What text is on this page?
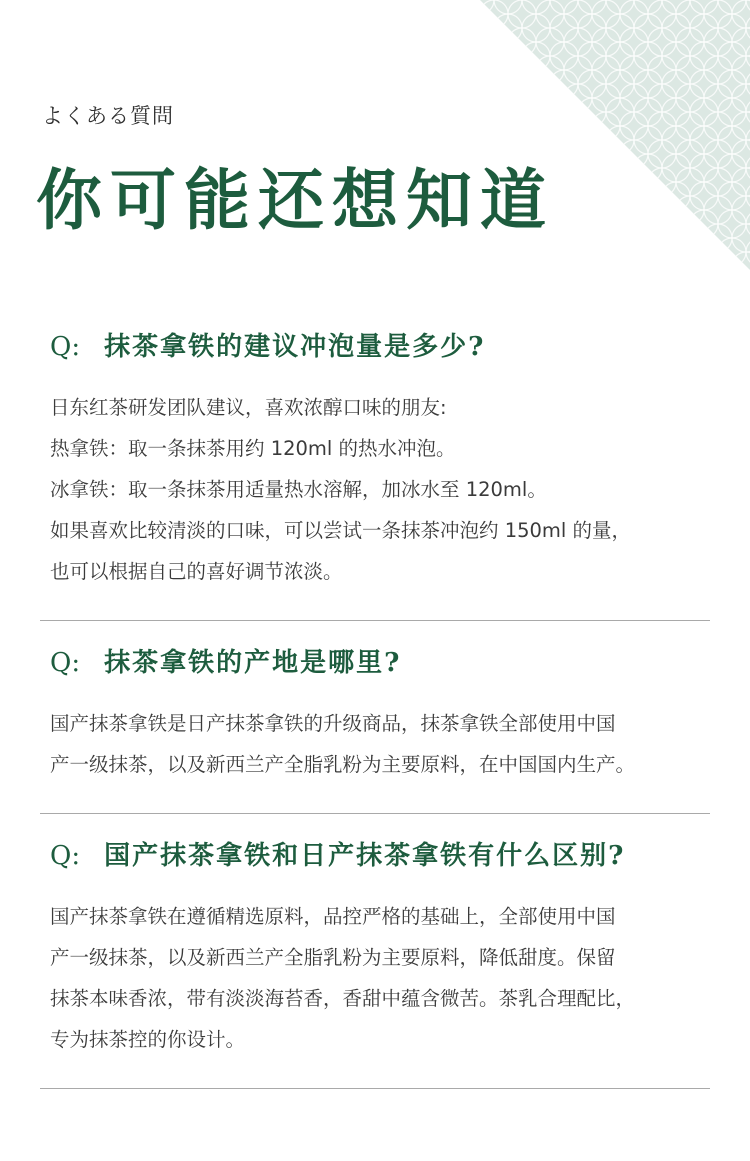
よくある質問
你可能还想知道
Q: 抹茶拿铁的建议冲泡量是多少?

日东红茶研发团队建议，喜欢浓醇口味的朋友:

热拿铁：取一条抹茶用约 120ml 的热水冲泡。

冰拿铁：取一条抹茶用适量热水溶解，加冰水至 120ml。

如果喜欢比较清淡的口味，可以尝试一条抹茶冲泡约 150ml 的量，

也可以根据自己的喜好调节浓淡。

Q: 抹茶拿铁的产地是哪里?

国产抹茶拿铁是日产抹茶拿铁的升级商品，抹茶拿铁全部使用中国

产一级抹茶，以及新西兰产全脂乳粉为主要原料，在中国国内生产。

Q: 国产抹茶拿铁和日产抹茶拿铁有什么区别?

国产抹茶拿铁在遵循精选原料，品控严格的基础上，全部使用中国

产一级抹茶，以及新西兰产全脂乳粉为主要原料，降低甜度。保留

抹茶本味香浓，带有淡淡海苔香，香甜中蕴含微苦。茶乳合理配比，

专为抹茶控的你设计。
